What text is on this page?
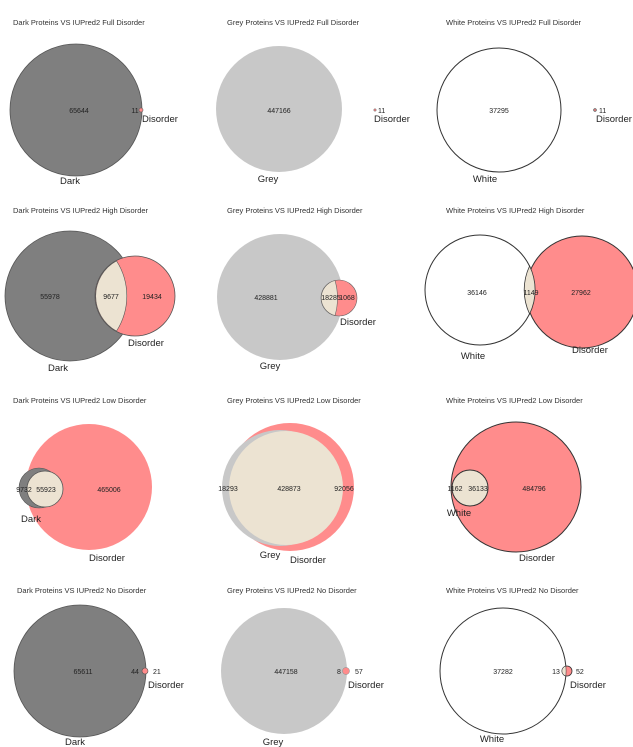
Dark Proteins VS IUPred2 Full Disorder
65644	11
Disorder
Dark
Grey Proteins VS IUPred2 Full Disorder
447166	11
Disorder
Grey
White Proteins VS IUPred2 Full Disorder
37295	11
Disorder
White
Dark Proteins VS IUPred2 High Disorder
55978	9677	19434
Disorder
Dark
Grey Proteins VS IUPred2 High Disorder
428881	18285
1068
Disorder
Grey
White Proteins VS IUPred2 High Disorder
36146	1149	27962
Disorder
White
Dark Proteins VS IUPred2 Low Disorder
9732 55923	465006
Dark
Disorder
Grey Proteins VS IUPred2 Low Disorder
18293	428873	92056
Grey Disorder
White Proteins VS IUPred2 Low Disorder
1162 36133	484796
White
Disorder
Dark Proteins VS IUPred2 No Disorder
65611	44 21
Disorder
Dark
Grey Proteins VS IUPred2 No Disorder
447158	8 57
Disorder
Grey
White Proteins VS IUPred2 No Disorder
37282	13 52
Disorder
White
